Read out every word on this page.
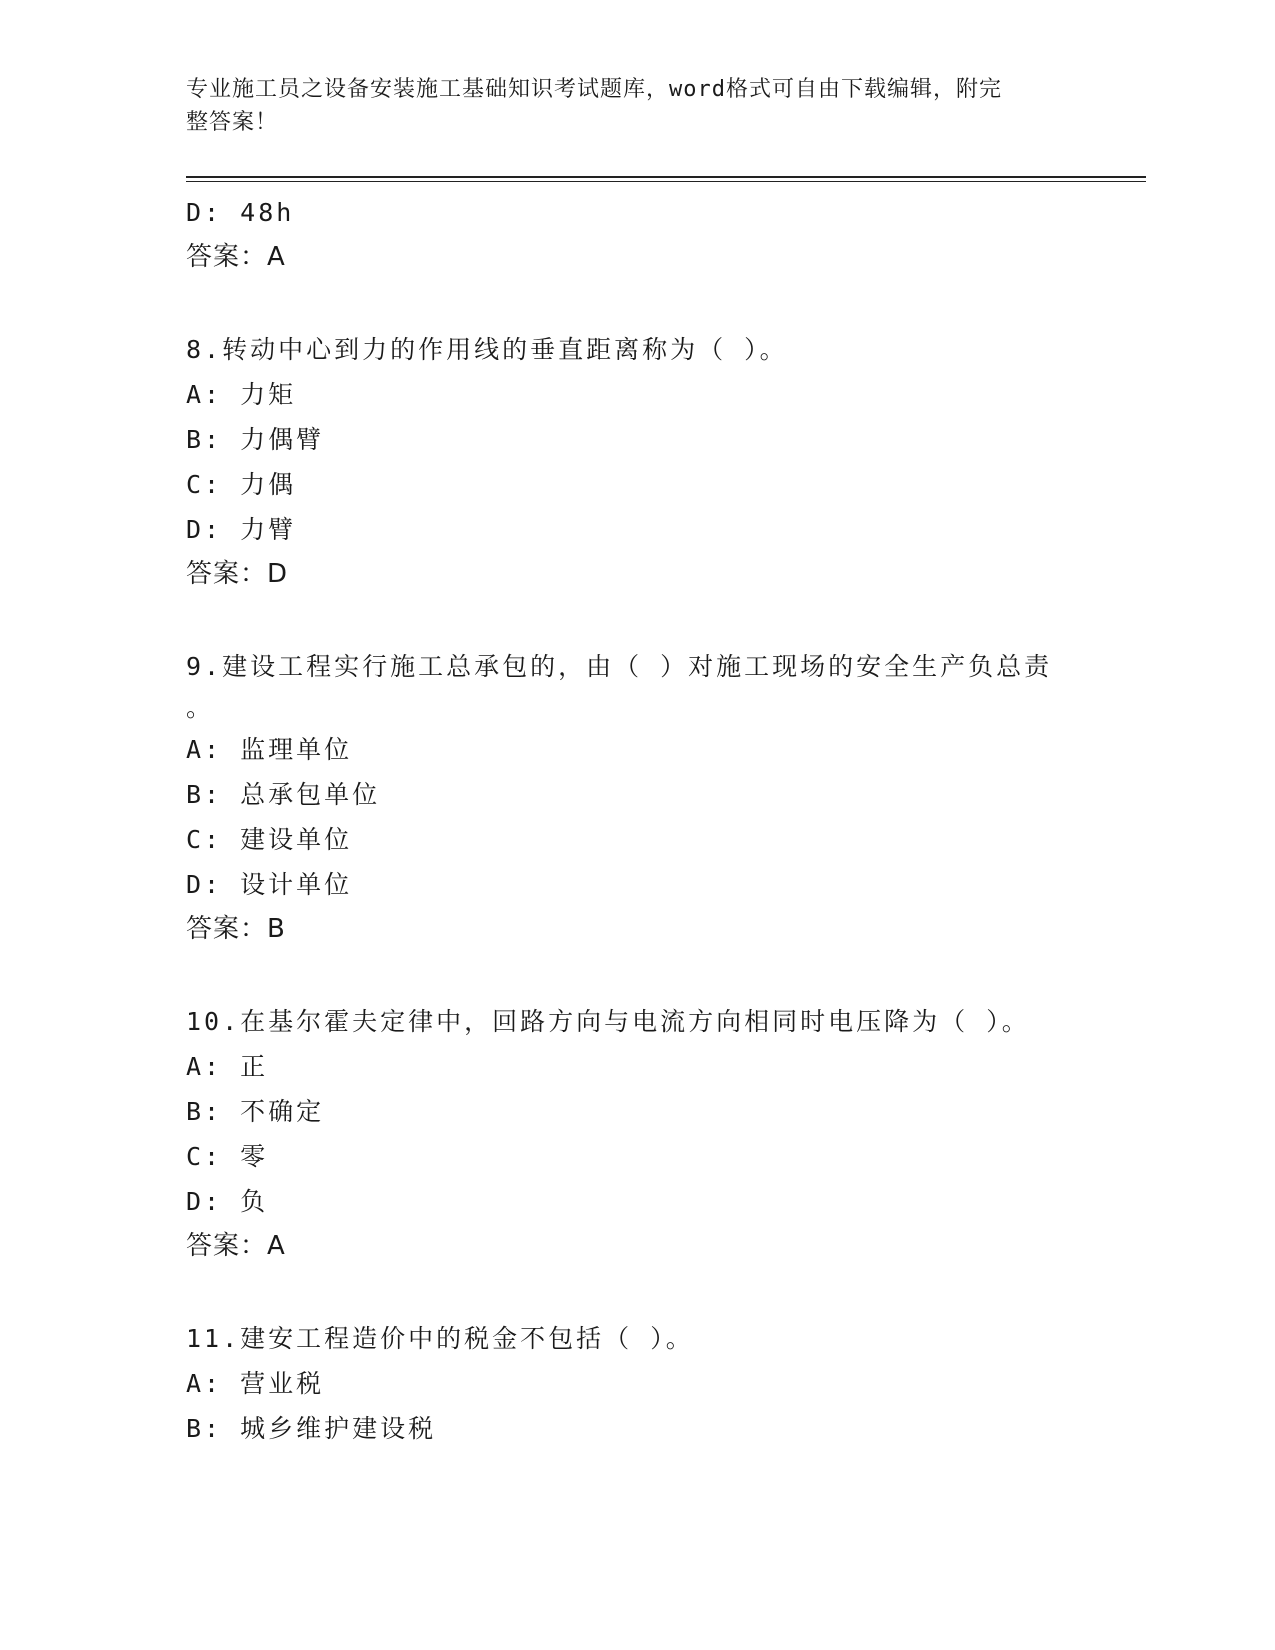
专业施工员之设备安装施工基础知识考试题库，word格式可自由下载编辑，附完
整答案！
D: 48h
答案：A
8.转动中心到力的作用线的垂直距离称为（ ）。
A: 力矩
B: 力偶臂
C: 力偶
D: 力臂
答案：D
9.建设工程实行施工总承包的，由（ ）对施工现场的安全生产负总责
。
A: 监理单位
B: 总承包单位
C: 建设单位
D: 设计单位
答案：B
10.在基尔霍夫定律中，回路方向与电流方向相同时电压降为（ ）。
A: 正
B: 不确定
C: 零
D: 负
答案：A
11.建安工程造价中的税金不包括（ ）。
A: 营业税
B: 城乡维护建设税
